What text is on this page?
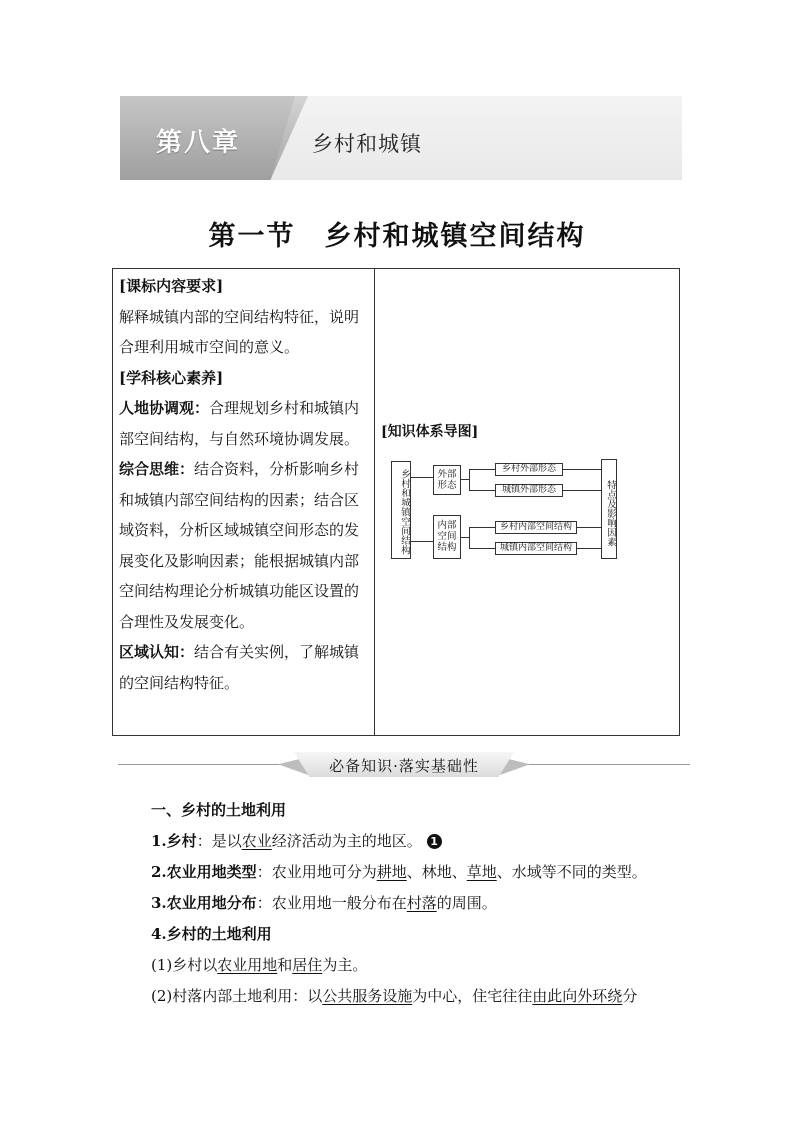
第八章	乡村和城镇
第一节　乡村和城镇空间结构

[课标内容要求]

解释城镇内部的空间结构特征，说明合理利用城市空间的意义。

[学科核心素养]

人地协调观：合理规划乡村和城镇内部空间结构，与自然环境协调发展。

综合思维：结合资料，分析影响乡村和城镇内部空间结构的因素；结合区域资料，分析区域城镇空间形态的发展变化及影响因素；能根据城镇内部空间结构理论分析城镇功能区设置的合理性及发展变化。

区域认知：结合有关实例，了解城镇的空间结构特征。

[知识体系导图]
乡村和城镇空间结构	外部形态
内部空间结构
乡村外部形态
城镇外部形态
乡村内部空间结构
城镇内部空间结构
特点及影响因素
必备知识·落实基础性

一、乡村的土地利用

1.乡村：是以农业经济活动为主的地区。 1

2.农业用地类型：农业用地可分为耕地、林地、草地、水域等不同的类型。

3.农业用地分布：农业用地一般分布在村落的周围。

4.乡村的土地利用

(1)乡村以农业用地和居住为主。

(2)村落内部土地利用：以公共服务设施为中心，住宅往往由此向外环绕分
